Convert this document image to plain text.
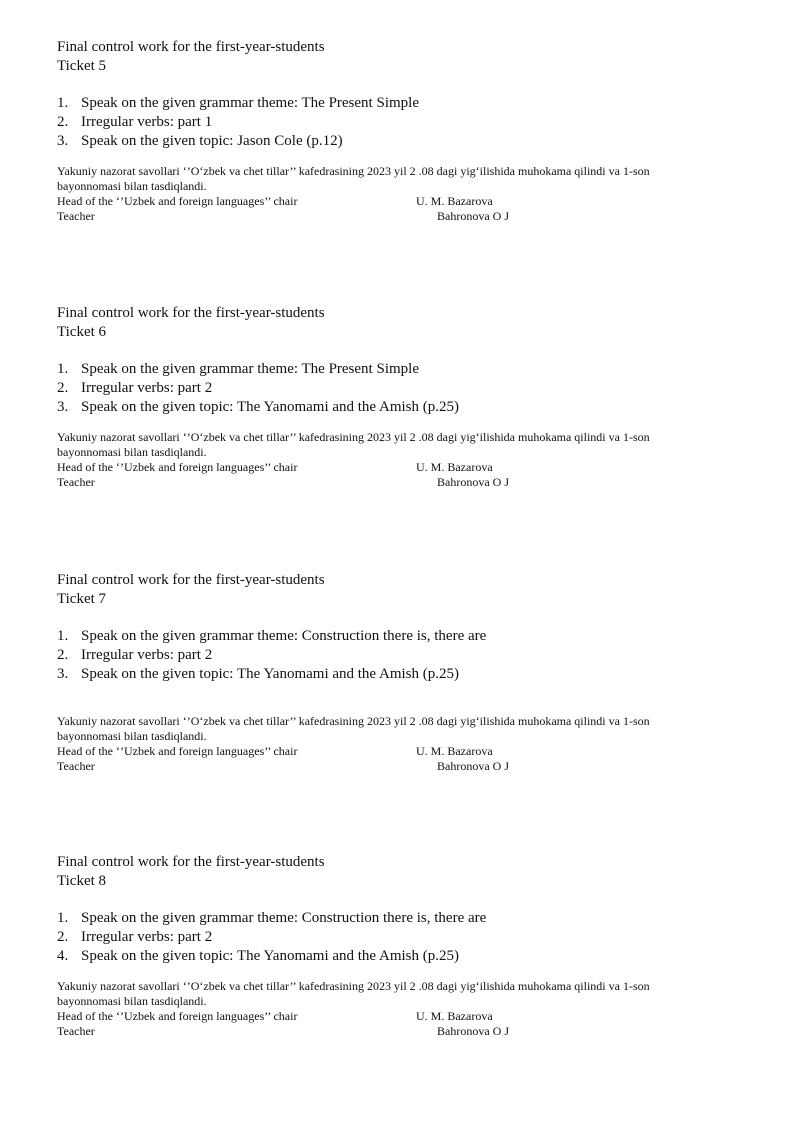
Final control work for the first-year-students
Ticket 5
1. Speak on the given grammar theme: The Present Simple
2. Irregular verbs: part 1
3. Speak on the given topic: Jason Cole (p.12)
Yakuniy nazorat savollari ‘’O‘zbek va chet tillar’’ kafedrasining 2023 yil 2 .08 dagi yig‘ilishida muhokama qilindi va 1-son
bayonnomasi bilan tasdiqlandi.
Head of the ‘’Uzbek and foreign languages’’ chair	U. M. Bazarova
Teacher	Bahronova O J
Final control work for the first-year-students
Ticket 6
1. Speak on the given grammar theme: The Present Simple
2. Irregular verbs: part 2
3. Speak on the given topic: The Yanomami and the Amish (p.25)
Yakuniy nazorat savollari ‘’O‘zbek va chet tillar’’ kafedrasining 2023 yil 2 .08 dagi yig‘ilishida muhokama qilindi va 1-son
bayonnomasi bilan tasdiqlandi.
Head of the ‘’Uzbek and foreign languages’’ chair	U. M. Bazarova
Teacher	Bahronova O J
Final control work for the first-year-students
Ticket 7
1. Speak on the given grammar theme: Construction there is, there are
2. Irregular verbs: part 2
3. Speak on the given topic: The Yanomami and the Amish (p.25)
Yakuniy nazorat savollari ‘’O‘zbek va chet tillar’’ kafedrasining 2023 yil 2 .08 dagi yig‘ilishida muhokama qilindi va 1-son
bayonnomasi bilan tasdiqlandi.
Head of the ‘’Uzbek and foreign languages’’ chair	U. M. Bazarova
Teacher	Bahronova O J
Final control work for the first-year-students
Ticket 8
1. Speak on the given grammar theme: Construction there is, there are
2. Irregular verbs: part 2
4. Speak on the given topic: The Yanomami and the Amish (p.25)
Yakuniy nazorat savollari ‘’O‘zbek va chet tillar’’ kafedrasining 2023 yil 2 .08 dagi yig‘ilishida muhokama qilindi va 1-son
bayonnomasi bilan tasdiqlandi.
Head of the ‘’Uzbek and foreign languages’’ chair	U. M. Bazarova
Teacher	Bahronova O J
